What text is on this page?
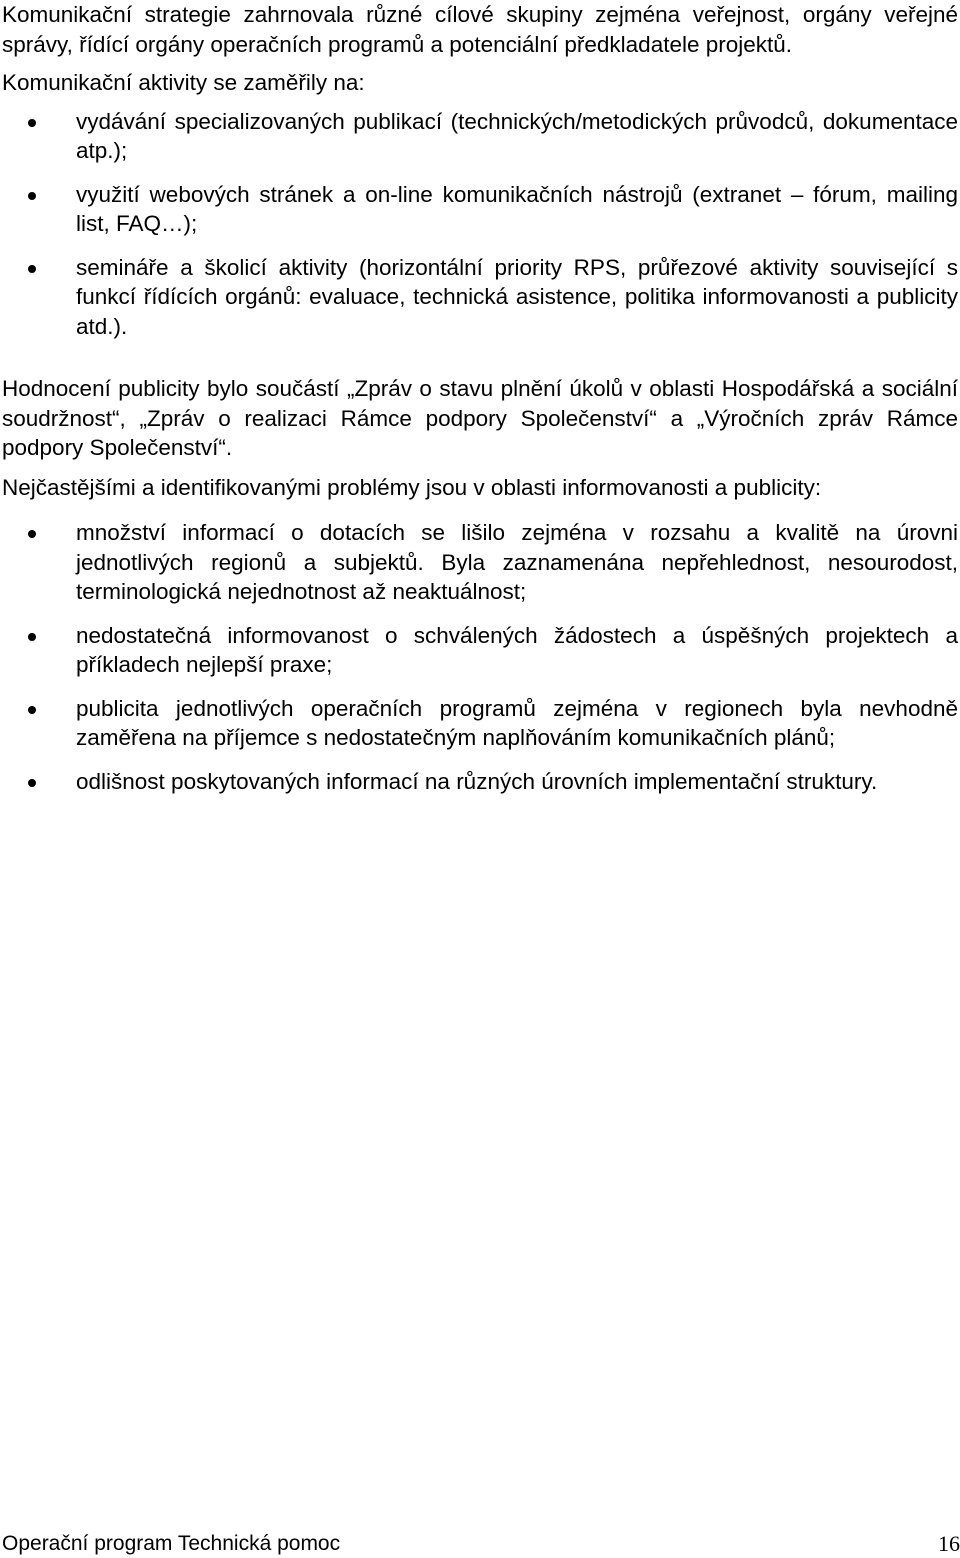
Komunikační strategie zahrnovala různé cílové skupiny zejména veřejnost, orgány veřejné správy, řídící orgány operačních programů a potenciální předkladatele projektů.

Komunikační aktivity se zaměřily na:

vydávání specializovaných publikací (technických/metodických průvodců, dokumentace atp.);
využití webových stránek a on-line komunikačních nástrojů (extranet – fórum, mailing list, FAQ…);
semináře a školicí aktivity (horizontální priority RPS, průřezové aktivity související s funkcí řídících orgánů: evaluace, technická asistence, politika informovanosti a publicity atd.).

Hodnocení publicity bylo součástí „Zpráv o stavu plnění úkolů v oblasti Hospodářská a sociální soudržnost“, „Zpráv o realizaci Rámce podpory Společenství“ a „Výročních zpráv Rámce podpory Společenství“.

Nejčastějšími a identifikovanými problémy jsou v oblasti informovanosti a publicity:

množství informací o dotacích se lišilo zejména v rozsahu a kvalitě na úrovni jednotlivých regionů a subjektů. Byla zaznamenána nepřehlednost, nesourodost, terminologická nejednotnost až neaktuálnost;
nedostatečná informovanost o schválených žádostech a úspěšných projektech a příkladech nejlepší praxe;
publicita jednotlivých operačních programů zejména v regionech byla nevhodně zaměřena na příjemce s nedostatečným naplňováním komunikačních plánů;
odlišnost poskytovaných informací na různých úrovních implementační struktury.
Operační program Technická pomoc	16
